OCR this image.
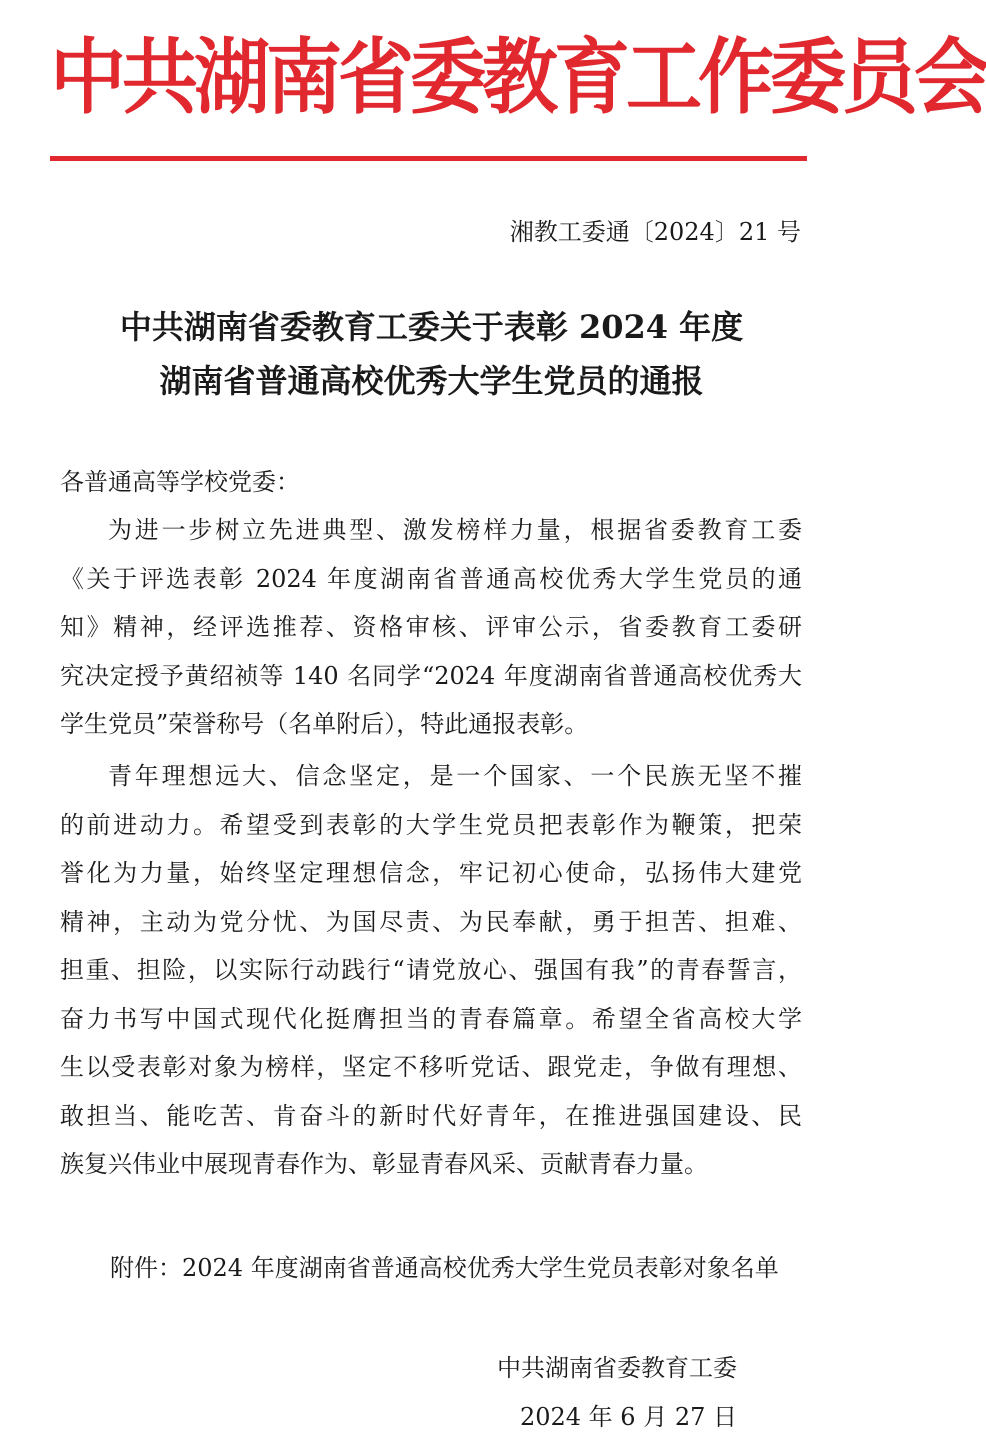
中共湖南省委教育工作委员会
湘教工委通〔2024〕21 号
中共湖南省委教育工委关于表彰 2024 年度
湖南省普通高校优秀大学生党员的通报
各普通高等学校党委：
为进一步树立先进典型、激发榜样力量，根据省委教育工委
《关于评选表彰 2024 年度湖南省普通高校优秀大学生党员的通
知》精神，经评选推荐、资格审核、评审公示，省委教育工委研
究决定授予黄绍祯等 140 名同学“2024 年度湖南省普通高校优秀大
学生党员”荣誉称号（名单附后），特此通报表彰。
青年理想远大、信念坚定，是一个国家、一个民族无坚不摧
的前进动力。希望受到表彰的大学生党员把表彰作为鞭策，把荣
誉化为力量，始终坚定理想信念，牢记初心使命，弘扬伟大建党
精神，主动为党分忧、为国尽责、为民奉献，勇于担苦、担难、
担重、担险，以实际行动践行“请党放心、强国有我”的青春誓言，
奋力书写中国式现代化挺膺担当的青春篇章。希望全省高校大学
生以受表彰对象为榜样，坚定不移听党话、跟党走，争做有理想、
敢担当、能吃苦、肯奋斗的新时代好青年，在推进强国建设、民
族复兴伟业中展现青春作为、彰显青春风采、贡献青春力量。
附件：2024 年度湖南省普通高校优秀大学生党员表彰对象名单
中共湖南省委教育工委
2024 年 6 月 27 日
